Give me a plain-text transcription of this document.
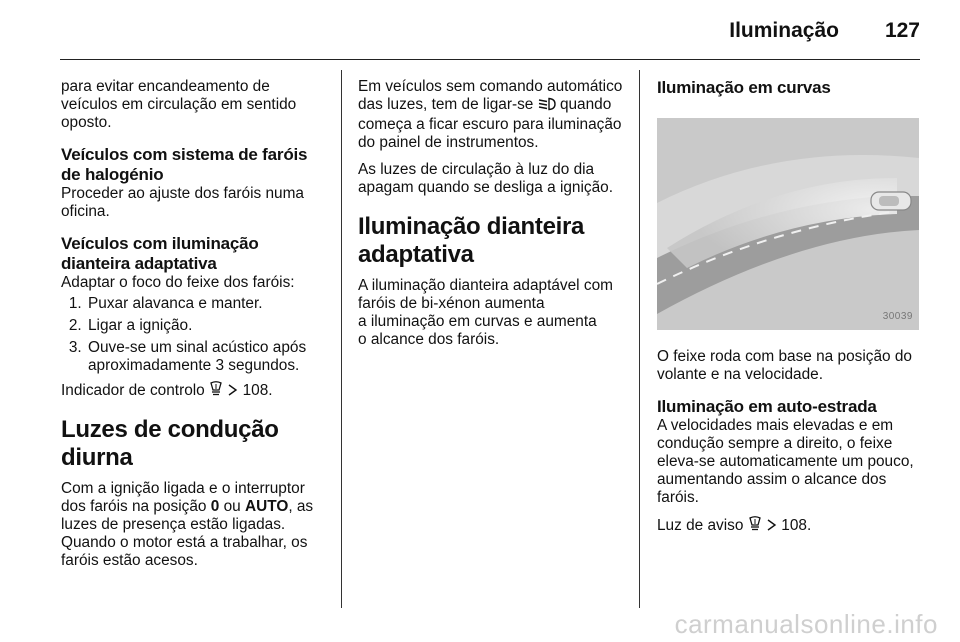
Iluminação 127

para evitar encandeamento de veículos em circulação em sentido oposto.

Veículos com sistema de faróis de halogénio

Proceder ao ajuste dos faróis numa oficina.

Veículos com iluminação dianteira adaptativa

Adaptar o foco do feixe dos faróis:

1. Puxar alavanca e manter.
2. Ligar a ignição.
3. Ouve-se um sinal acústico após aproximadamente 3 segundos.

Indicador de controlo 108.

Luzes de condução diurna

Com a ignição ligada e o interruptor dos faróis na posição 0 ou AUTO, as luzes de presença estão ligadas. Quando o motor está a trabalhar, os faróis estão acesos.

Em veículos sem comando automático das luzes, tem de ligar-se quando começa a ficar escuro para iluminação do painel de instrumentos.

As luzes de circulação à luz do dia apagam quando se desliga a ignição.

Iluminação dianteira adaptativa

A iluminação dianteira adaptável com faróis de bi-xénon aumenta
a iluminação em curvas e aumenta
o alcance dos faróis.

Iluminação em curvas
30039

O feixe roda com base na posição do volante e na velocidade.

Iluminação em auto-estrada

A velocidades mais elevadas e em condução sempre a direito, o feixe eleva-se automaticamente um pouco, aumentando assim o alcance dos faróis.

Luz de aviso 108.

carmanualsonline.info
